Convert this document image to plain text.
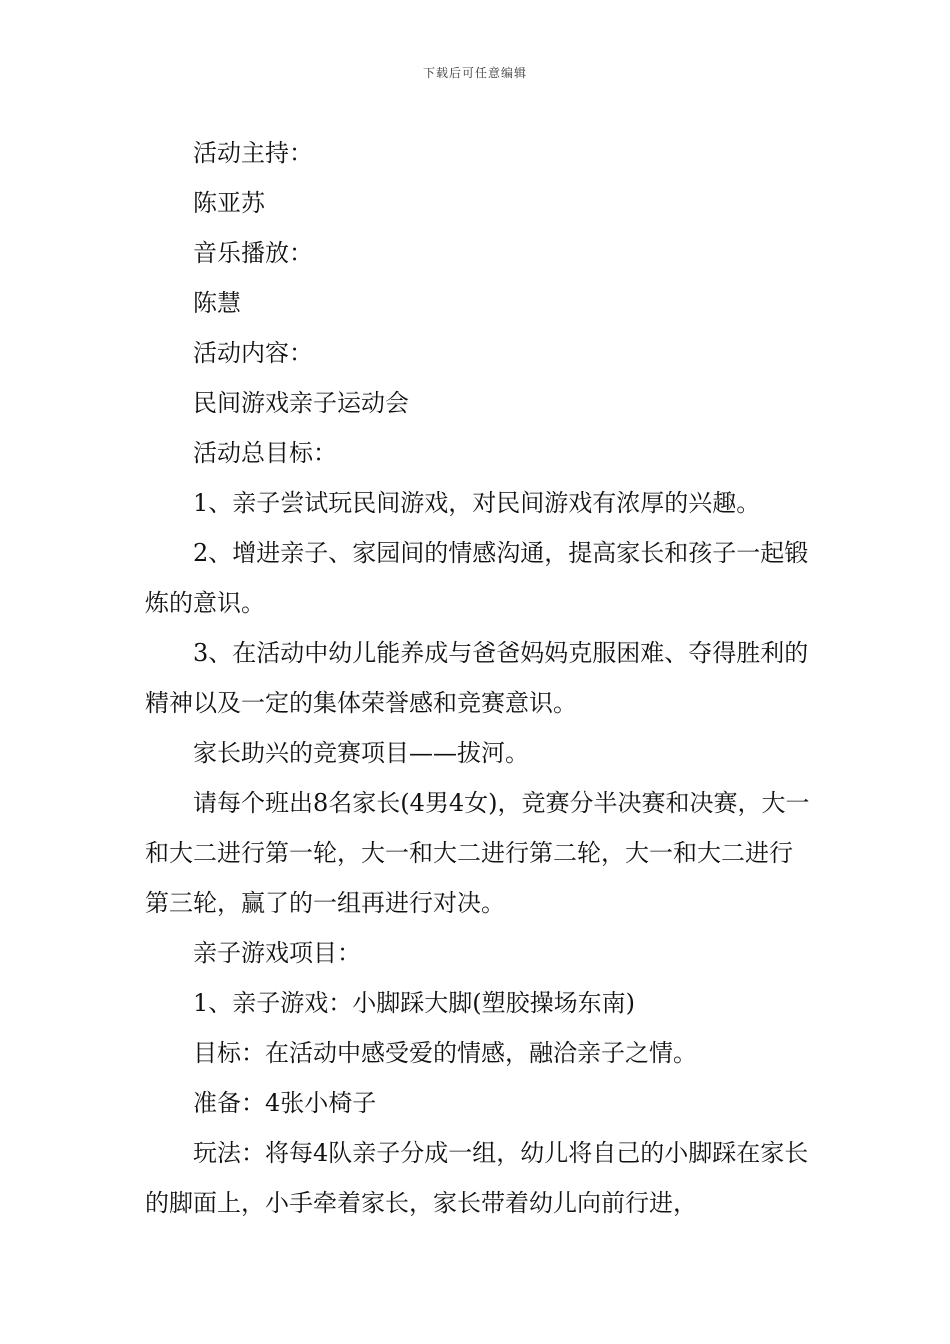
下载后可任意编辑

活动主持：

陈亚苏

音乐播放：

陈慧

活动内容：

民间游戏亲子运动会

活动总目标：

1、亲子尝试玩民间游戏，对民间游戏有浓厚的兴趣。

2、增进亲子、家园间的情感沟通，提高家长和孩子一起锻炼的意识。

3、在活动中幼儿能养成与爸爸妈妈克服困难、夺得胜利的精神以及一定的集体荣誉感和竞赛意识。

家长助兴的竞赛项目——拔河。

请每个班出8名家长(4男4女)，竞赛分半决赛和决赛，大一和大二进行第一轮，大一和大二进行第二轮，大一和大二进行第三轮，赢了的一组再进行对决。

亲子游戏项目：

1、亲子游戏：小脚踩大脚(塑胶操场东南)

目标：在活动中感受爱的情感，融洽亲子之情。

准备：4张小椅子

玩法：将每4队亲子分成一组，幼儿将自己的小脚踩在家长的脚面上，小手牵着家长，家长带着幼儿向前行进，
